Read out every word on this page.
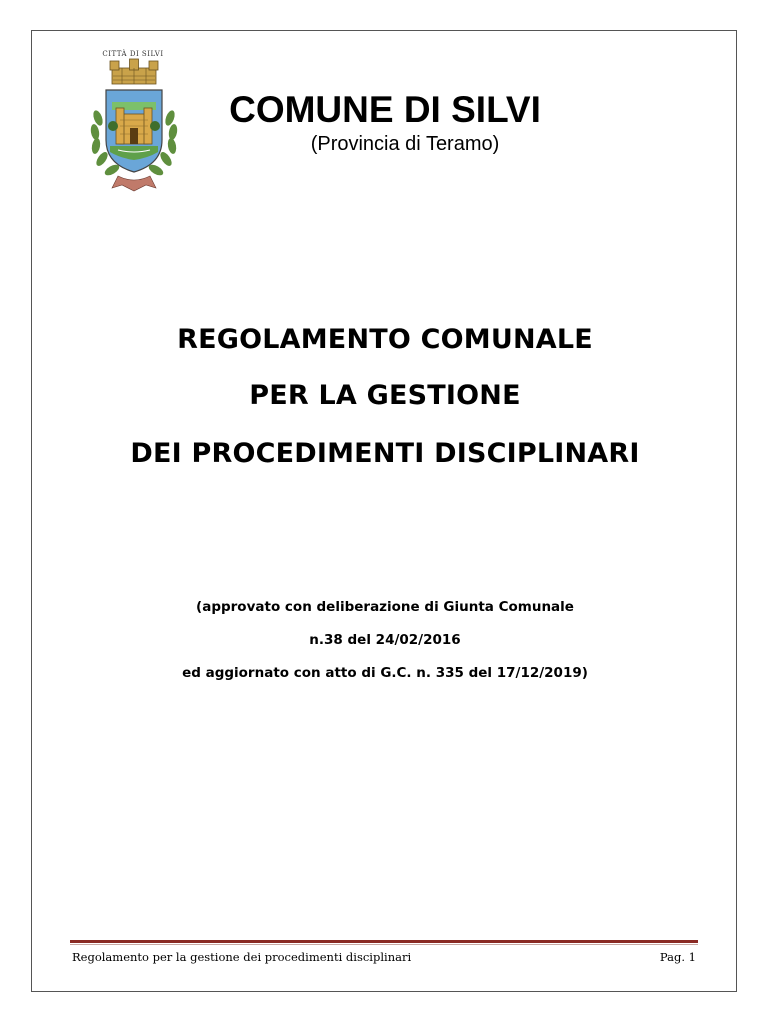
CITTÀ DI SILVI
COMUNE DI SILVI
(Provincia di Teramo)
REGOLAMENTO COMUNALE
PER LA GESTIONE
DEI PROCEDIMENTI DISCIPLINARI
(approvato con deliberazione di Giunta Comunale
n.38 del 24/02/2016
ed aggiornato con atto di G.C. n. 335 del 17/12/2019)
Regolamento per la gestione dei procedimenti disciplinari	Pag. 1
